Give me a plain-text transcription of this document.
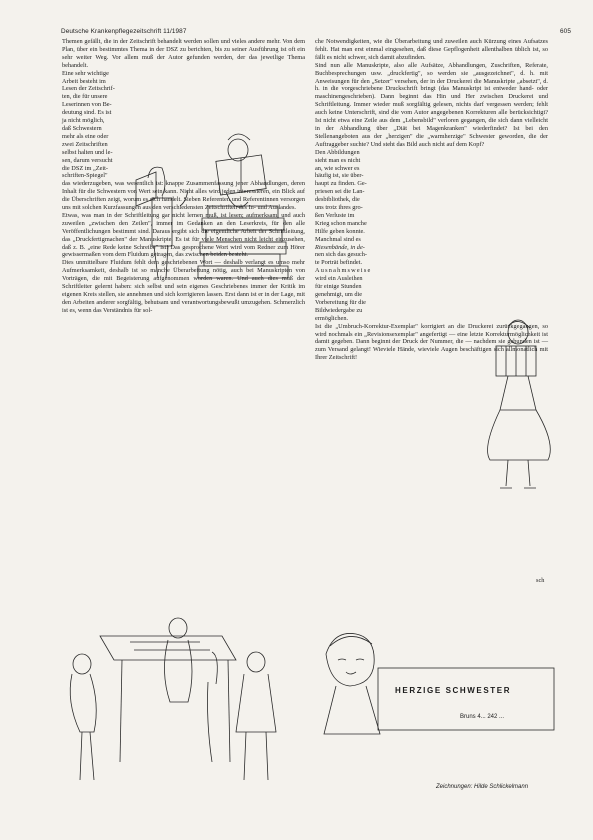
Deutsche Krankenpflegezeitschrift 11/1987	605

Themen gefällt, die in der Zeitschrift behandelt werden sollen und vieles andere mehr. Von dem Plan, über ein bestimmtes Thema in der DSZ zu berichten, bis zu seiner Ausführung ist oft ein sehr weiter Weg. Vor allem muß der Autor gefunden werden, der das jeweilige Thema behandelt.

Eine sehr wichtige
Arbeit besteht im
Lesen der Zeitschrif-
ten, die für unsere
Leserinnen von Be-
deutung sind. Es ist
ja nicht möglich,
daß Schwestern
mehr als eine oder
zwei Zeitschriften
selbst halten und le-
sen, darum versucht
die DSZ im „Zeit-
schriften-Spiegel"

das wiederzugeben, was wesentlich ist: knappe Zusammenfassung jener Abhandlungen, deren Inhalt für die Schwestern von Wert sein kann. Nicht alles wird jeden interessieren, ein Blick auf die Überschriften zeigt, worum es sich handelt. Sieben Referenten und Referentinnen versorgen uns mit solchen Kurzfassungen aus den verschiedensten Zeitschriften des In- und Auslandes.

Etwas, was man in der Schriftleitung gar nicht lernen muß, ist lesen; aufmerksam, und auch zuweilen „zwischen den Zeilen", immer im Gedanken an den Leserkreis, für den alle Veröffentlichungen bestimmt sind. Daraus ergibt sich die eigentliche Arbeit der Schriftleitung, das „Druckfertigmachen" der Manuskripte. Es ist für viele Menschen nicht leicht einzusehen, daß z. B. „eine Rede keine Schreibe" ist! Das gesprochene Wort wird vom Redner zum Hörer gewissermaßen vom dem Fluidum getragen, das zwischen beiden besteht.

Dies unmittelbare Fluidum fehlt dem geschriebenen Wort — deshalb verlangt es umso mehr Aufmerksamkeit, deshalb ist so manche Überarbeitung nötig, auch bei Manuskripten von Vorträgen, die mit Begeisterung aufgenommen worden waren. Und auch dies muß der Schriftleiter gelernt haben: sich selbst und sein eigenes Geschriebenes immer der Kritik im eigenen Kreis stellen, sie annehmen und sich korrigieren lassen. Erst dann ist er in der Lage, mit den Arbeiten anderer sorgfältig, behutsam und verantwortungsbewußt umzugehen. Schmerzlich ist es, wenn das Verständnis für sol-

che Notwendigkeiten, wie die Überarbeitung und zuweilen auch Kürzung eines Aufsatzes fehlt. Hat man erst einmal eingesehen, daß diese Gepflogenheit allenthalben üblich ist, so fällt es nicht schwer, sich damit abzufinden.

Sind nun alle Manuskripte, also alle Aufsätze, Abhandlungen, Zuschriften, Referate, Buchbesprechungen usw. „druckfertig", so werden sie „ausgezeichnet", d. h. mit Anweisungen für den „Setzer" versehen, der in der Druckerei die Manuskripte „absetzt", d. h. in die vorgeschriebene Druckschrift bringt (das Manuskript ist entweder hand- oder maschinengeschrieben). Dann beginnt das Hin und Her zwischen Druckerei und Schriftleitung. Immer wieder muß sorgfältig gelesen, nichts darf vergessen werden; fehlt auch keine Unterschrift, sind die vom Autor angegebenen Korrekturen alle berücksichtigt? Ist nicht etwa eine Zeile aus dem „Lebensbild" verloren gegangen, die sich dann vielleicht in der Abhandlung über „Diät bei Magenkranken" wiederfindet? Ist bei den Stellenangeboten aus der „herzigen" die „warmherzige" Schwester geworden, die der Auftraggeber suchte? Und steht das Bild auch nicht auf dem Kopf?

Den Abbildungen
sieht man es nicht
an, wie schwer es
häufig ist, sie über-
haupt zu finden. Ge-
priesen sei die Lan-
desbibliothek, die
uns trotz ihres gro-
ßen Verluste im
Krieg schon manche
Hilfe geben konnte.
Manchmal sind es
Riesenbände, in de-
nen sich das gesuch-
te Porträt befindet.
Ausnahmsweise
wird ein Ausleihen
für einige Stunden
genehmigt, um die
Vorbereitung für die
Bildwiedergabe zu
ermöglichen.

Ist die „Umbruch-Korrektur-Exemplar" korrigiert an die Druckerei zurückgegangen, so wird nochmals ein „Revisionsexemplar" angefertigt — eine letzte Korrekturmöglichkeit ist damit gegeben. Dann beginnt der Druck der Nummer, die — nachdem sie gebunden ist — zum Versand gelangt! Wieviele Hände, wieviele Augen beschäftigen sich allmonatlich mit Ihrer Zeitschrift!

sch
HERZIGE SCHWESTER
Bruns 4... 242 ...
Zeichnungen: Hilde Schlickelmann
